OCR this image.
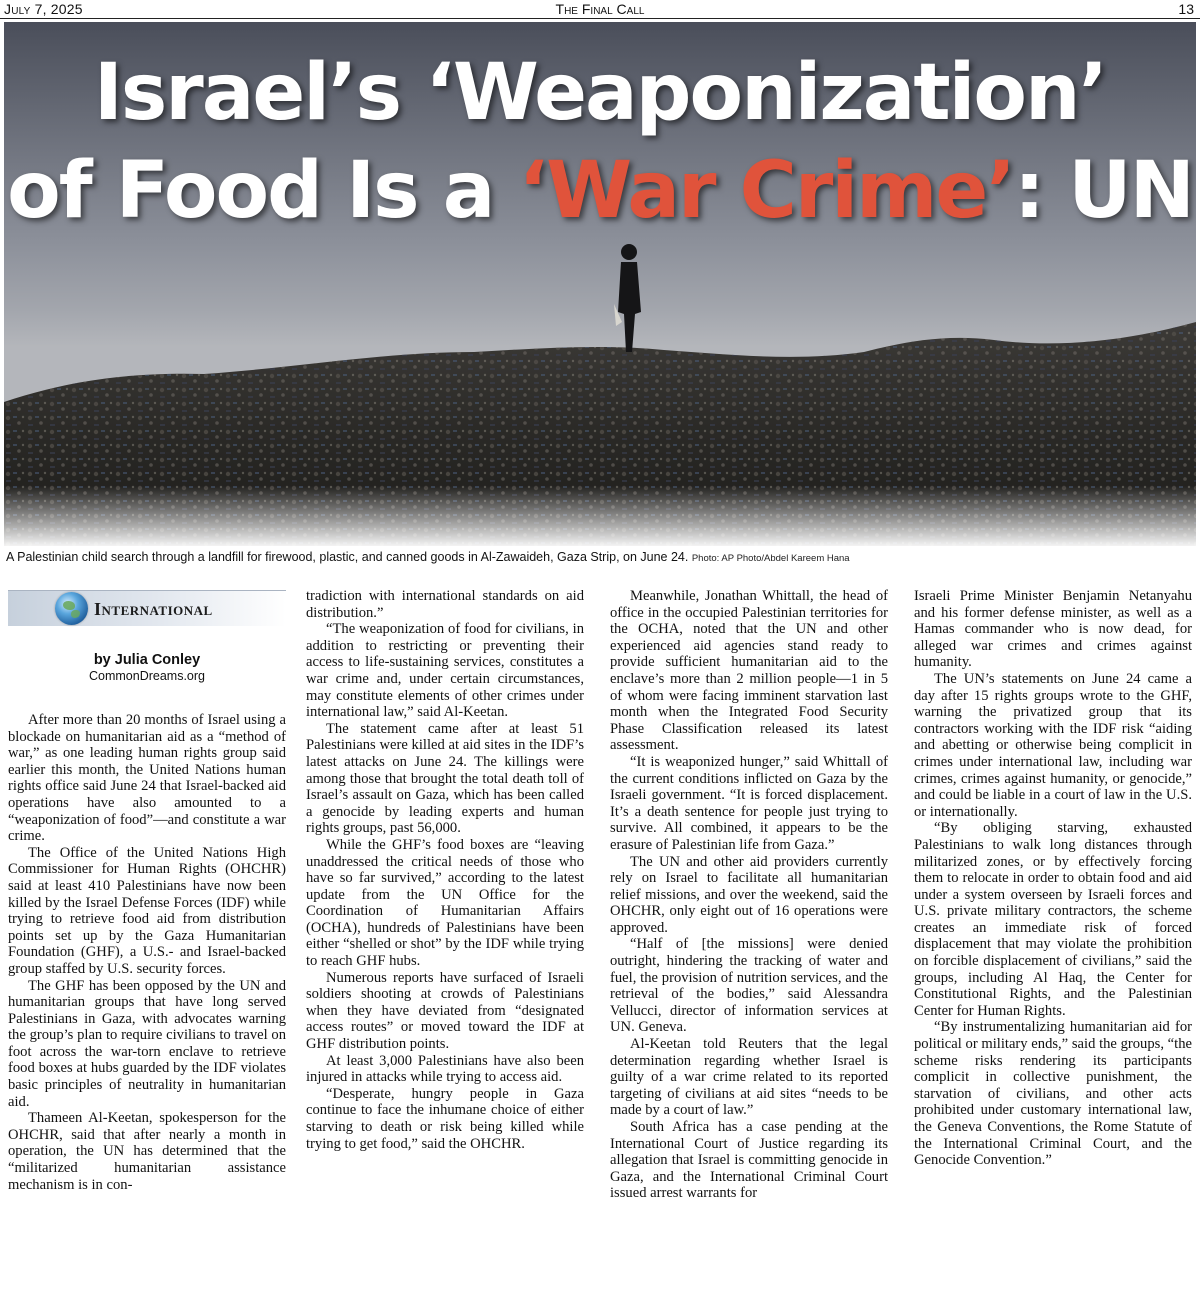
July 7, 2025	The Final Call	13
Israel’s ‘Weaponization’
of Food Is a ‘War Crime’: UN
A Palestinian child search through a landfill for firewood, plastic, and canned goods in Al-Zawaideh, Gaza Strip, on June 24. Photo: AP Photo/Abdel Kareem Hana
International
by Julia Conley
CommonDreams.org

After more than 20 months of Israel using a blockade on humanitarian aid as a “method of war,” as one leading human rights group said earlier this month, the United Nations human rights office said June 24 that Israel-backed aid operations have also amounted to a “weaponization of food”—and constitute a war crime.

The Office of the United Nations High Commissioner for Human Rights (OHCHR) said at least 410 Palestinians have now been killed by the Israel Defense Forces (IDF) while trying to retrieve food aid from distribution points set up by the Gaza Humanitarian Foundation (GHF), a U.S.- and Israel-backed group staffed by U.S. security forces.

The GHF has been opposed by the UN and humanitarian groups that have long served Palestinians in Gaza, with advocates warning the group’s plan to require civilians to travel on foot across the war-torn enclave to retrieve food boxes at hubs guarded by the IDF violates basic principles of neutrality in humanitarian aid.

Thameen Al-Keetan, spokesperson for the OHCHR, said that after nearly a month in operation, the UN has determined that the “militarized humanitarian assistance mechanism is in con-

tradiction with international standards on aid distribution.”

“The weaponization of food for civilians, in addition to restricting or preventing their access to life-sustaining services, constitutes a war crime and, under certain circumstances, may constitute elements of other crimes under international law,” said Al-Keetan.

The statement came after at least 51 Palestinians were killed at aid sites in the IDF’s latest attacks on June 24. The killings were among those that brought the total death toll of Israel’s assault on Gaza, which has been called a genocide by leading experts and human rights groups, past 56,000.

While the GHF’s food boxes are “leaving unaddressed the critical needs of those who have so far survived,” according to the latest update from the UN Office for the Coordination of Humanitarian Affairs (OCHA), hundreds of Palestinians have been either “shelled or shot” by the IDF while trying to reach GHF hubs.

Numerous reports have surfaced of Israeli soldiers shooting at crowds of Palestinians when they have deviated from “designated access routes” or moved toward the IDF at GHF distribution points.

At least 3,000 Palestinians have also been injured in attacks while trying to access aid.

“Desperate, hungry people in Gaza continue to face the inhumane choice of either starving to death or risk being killed while trying to get food,” said the OHCHR.

Meanwhile, Jonathan Whittall, the head of office in the occupied Palestinian territories for the OCHA, noted that the UN and other experienced aid agencies stand ready to provide sufficient humanitarian aid to the enclave’s more than 2 million people—1 in 5 of whom were facing imminent starvation last month when the Integrated Food Security Phase Classification released its latest assessment.

“It is weaponized hunger,” said Whittall of the current conditions inflicted on Gaza by the Israeli government. “It is forced displacement. It’s a death sentence for people just trying to survive. All combined, it appears to be the erasure of Palestinian life from Gaza.”

The UN and other aid providers currently rely on Israel to facilitate all humanitarian relief missions, and over the weekend, said the OHCHR, only eight out of 16 operations were approved.

“Half of [the missions] were denied outright, hindering the tracking of water and fuel, the provision of nutrition services, and the retrieval of the bodies,” said Alessandra Vellucci, director of information services at UN. Geneva.

Al-Keetan told Reuters that the legal determination regarding whether Israel is guilty of a war crime related to its reported targeting of civilians at aid sites “needs to be made by a court of law.”

South Africa has a case pending at the International Court of Justice regarding its allegation that Israel is committing genocide in Gaza, and the International Criminal Court issued arrest warrants for

Israeli Prime Minister Benjamin Netanyahu and his former defense minister, as well as a Hamas commander who is now dead, for alleged war crimes and crimes against humanity.

The UN’s statements on June 24 came a day after 15 rights groups wrote to the GHF, warning the privatized group that its contractors working with the IDF risk “aiding and abetting or otherwise being complicit in crimes under international law, including war crimes, crimes against humanity, or genocide,” and could be liable in a court of law in the U.S. or internationally.

“By obliging starving, exhausted Palestinians to walk long distances through militarized zones, or by effectively forcing them to relocate in order to obtain food and aid under a system overseen by Israeli forces and U.S. private military contractors, the scheme creates an immediate risk of forced displacement that may violate the prohibition on forcible displacement of civilians,” said the groups, including Al Haq, the Center for Constitutional Rights, and the Palestinian Center for Human Rights.

“By instrumentalizing humanitarian aid for political or military ends,” said the groups, “the scheme risks rendering its participants complicit in collective punishment, the starvation of civilians, and other acts prohibited under customary international law, the Geneva Conventions, the Rome Statute of the International Criminal Court, and the Genocide Convention.”
